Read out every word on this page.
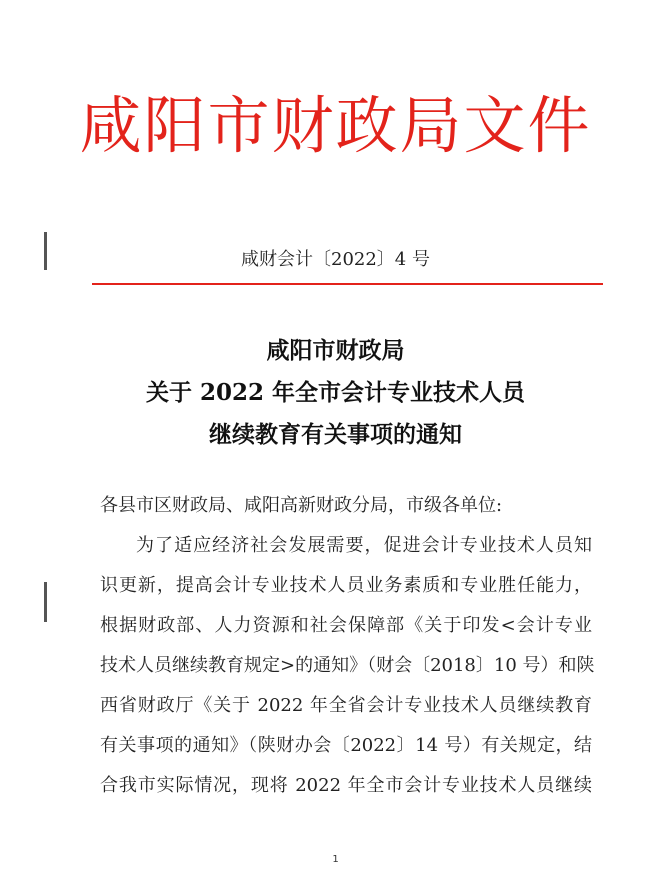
咸阳市财政局文件
咸财会计〔2022〕4 号
咸阳市财政局
关于 2022 年全市会计专业技术人员
继续教育有关事项的通知
各县市区财政局、咸阳高新财政分局，市级各单位:
为了适应经济社会发展需要，促进会计专业技术人员知
识更新，提高会计专业技术人员业务素质和专业胜任能力，
根据财政部、人力资源和社会保障部《关于印发<会计专业
技术人员继续教育规定>的通知》（财会〔2018〕10 号）和陕
西省财政厅《关于 2022 年全省会计专业技术人员继续教育
有关事项的通知》（陕财办会〔2022〕14 号）有关规定，结
合我市实际情况，现将 2022 年全市会计专业技术人员继续
1
